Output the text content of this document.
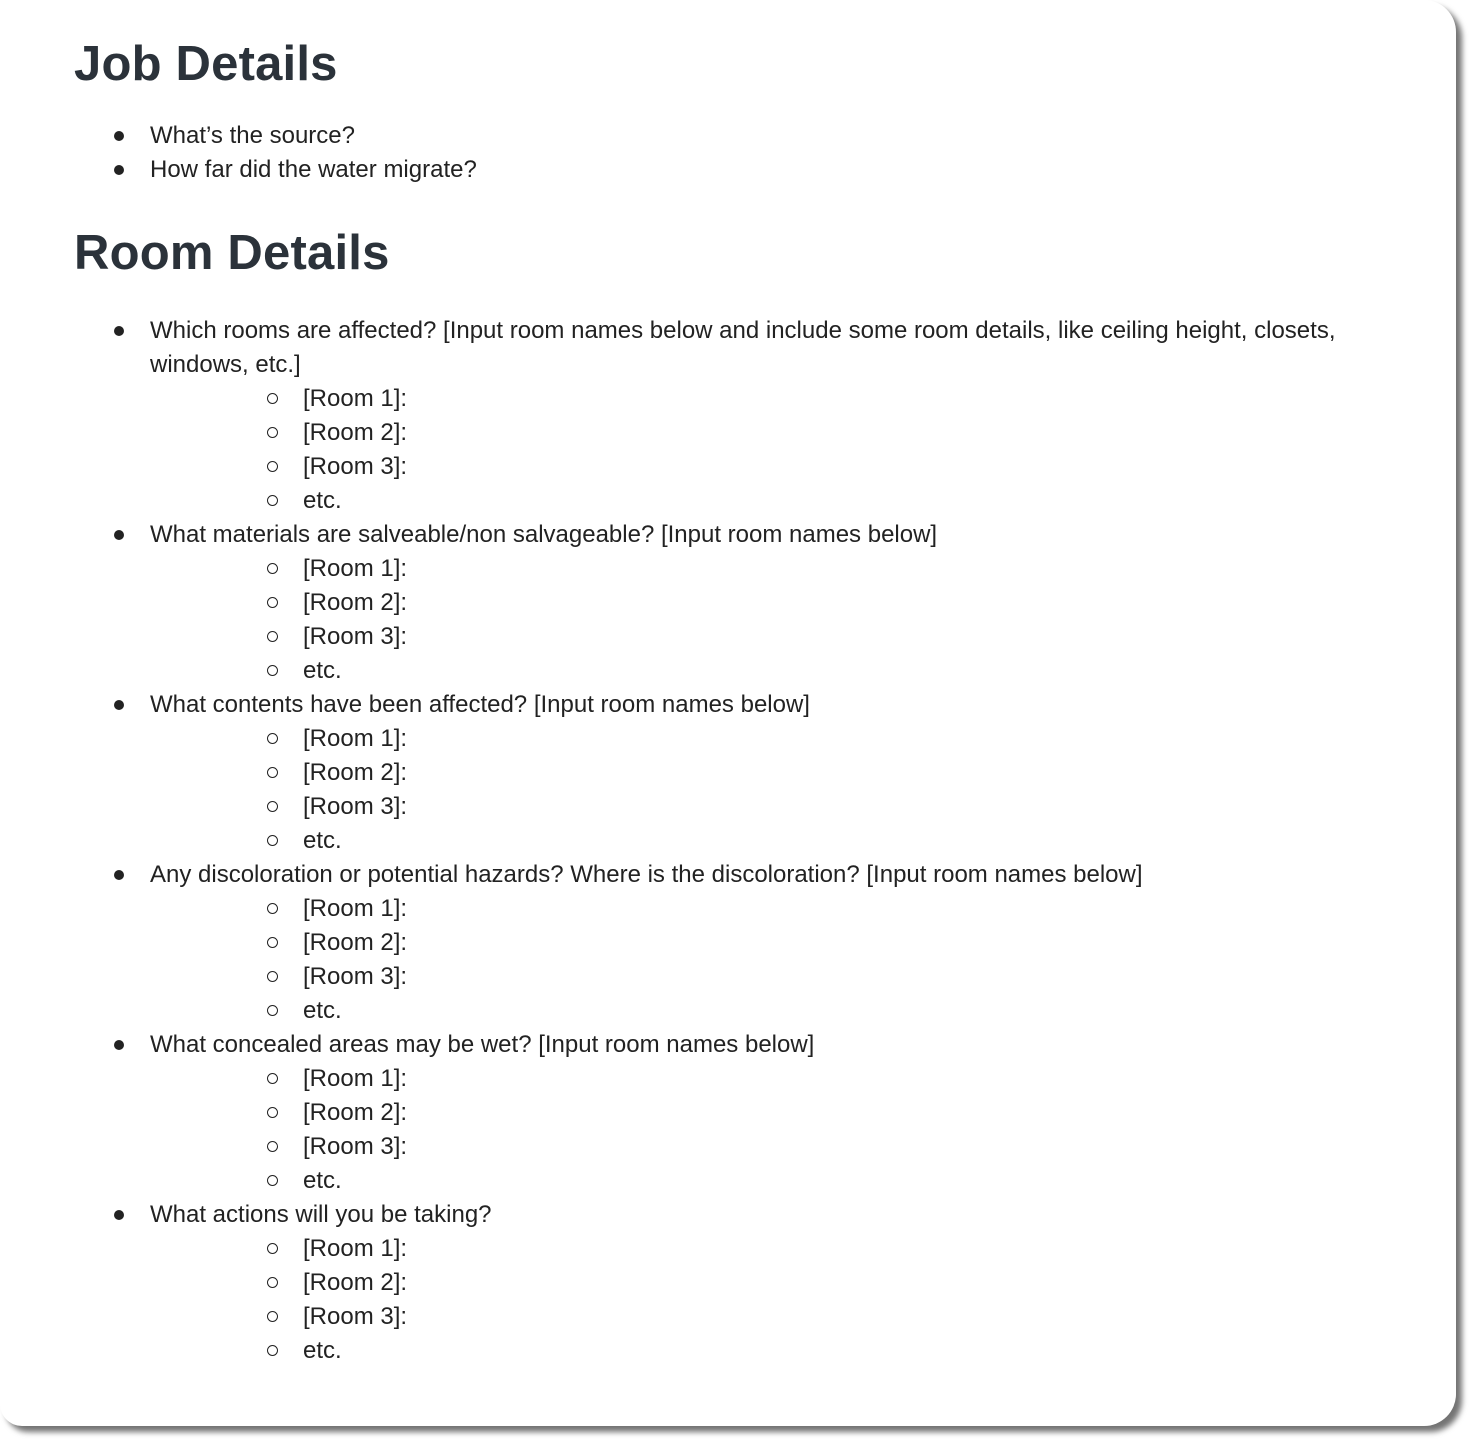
Job Details
What’s the source?
How far did the water migrate?
Room Details
Which rooms are affected? [Input room names below and include some room details, like ceiling height, closets, windows, etc.]
[Room 1]:
[Room 2]:
[Room 3]:
etc.
What materials are salveable/non salvageable? [Input room names below]
[Room 1]:
[Room 2]:
[Room 3]:
etc.
What contents have been affected? [Input room names below]
[Room 1]:
[Room 2]:
[Room 3]:
etc.
Any discoloration or potential hazards? Where is the discoloration? [Input room names below]
[Room 1]:
[Room 2]:
[Room 3]:
etc.
What concealed areas may be wet? [Input room names below]
[Room 1]:
[Room 2]:
[Room 3]:
etc.
What actions will you be taking?
[Room 1]:
[Room 2]:
[Room 3]:
etc.
